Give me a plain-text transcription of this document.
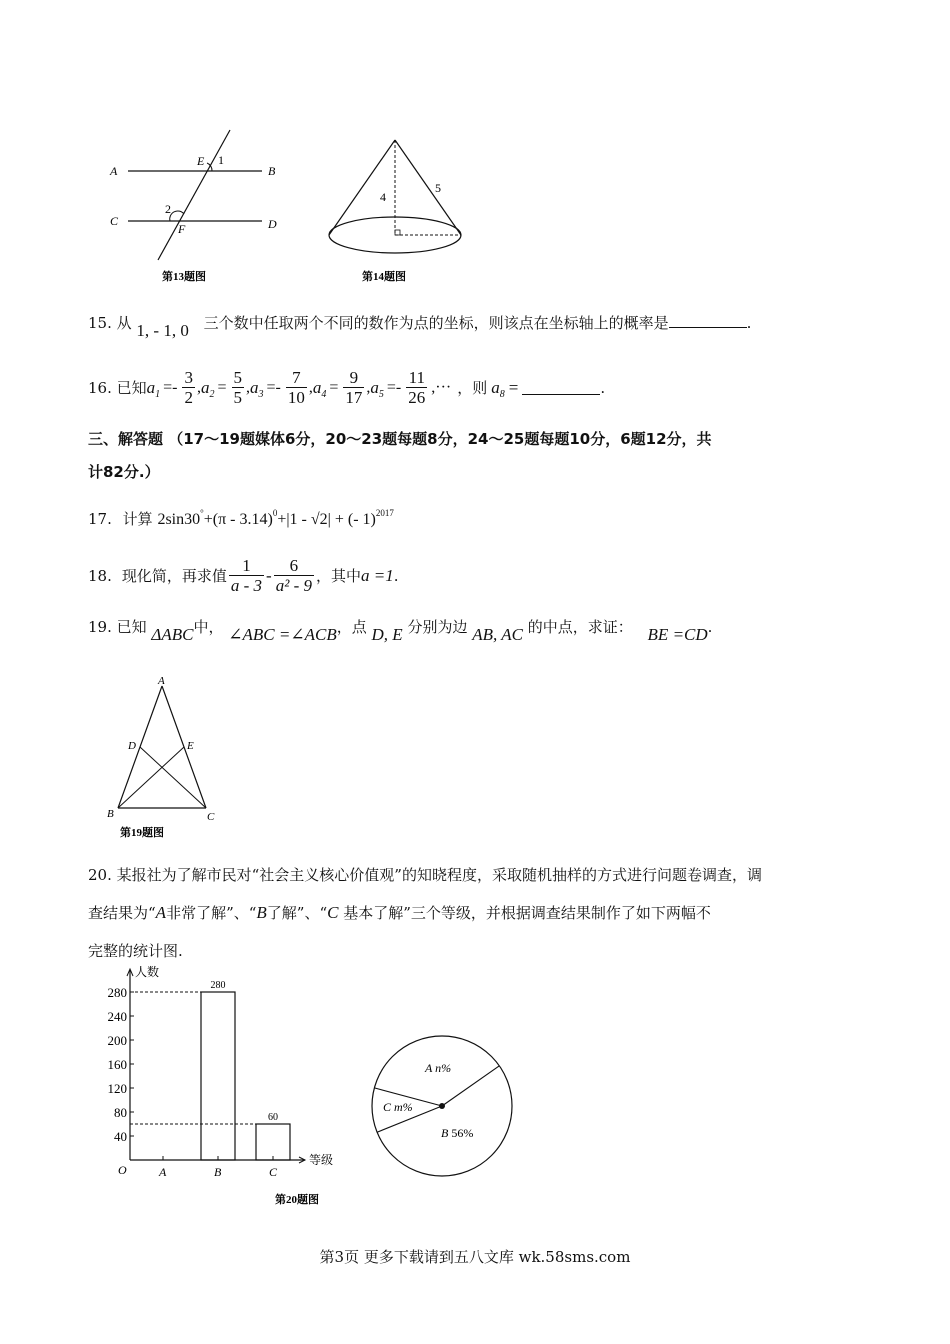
A	B
C	D
E
F
1
2
第13题图
4
5
第14题图
15. 从 1, - 1, 0 三个数中任取两个不同的数作为点的坐标，则该点在坐标轴上的概率是	.
16. 已知 $a_1 =- \frac{3}{2}$ , $a_2 = \frac{5}{5}$ , $a_3 =- \frac{7}{10}$ , $a_4 = \frac{9}{17}$ , $a_5 =- \frac{11}{26}$ ,··· ，则 $a_8$ =	.
三、解答题 （17～19题媒体6分，20～23题每题8分，24～25题每题10分，6题12分，共
计82分.）
17. 计算 2sin30°+(π - 3.14)$^0$+|1 - √2| + (- 1)$^{2017}$
18. 现化简，再求值 $\frac{1}{a - 3} - \frac{6}{\text{a² - 9}}$ ，其中 a =1 .
19. 已知 ΔABC中， ∠ABC =∠ACB，点 D, E 分别为边 AB, AC 的中点，求证： BE =CD.
A
B	C
D	E
第19题图
20. 某报社为了解市民对“社会主义核心价值观”的知晓程度，采取随机抽样的方式进行问题卷调查，调
查结果为“A非常了解”、“B了解”、“C 基本了解”三个等级，并根据调查结果制作了如下两幅不
完整的统计图.
人数
等级
O
40
80
120
160
200
240
280
A	B
280
C
60
第20题图
A n%
B 56%
C m%
第3页 更多下载请到五八文库 wk.58sms.com
